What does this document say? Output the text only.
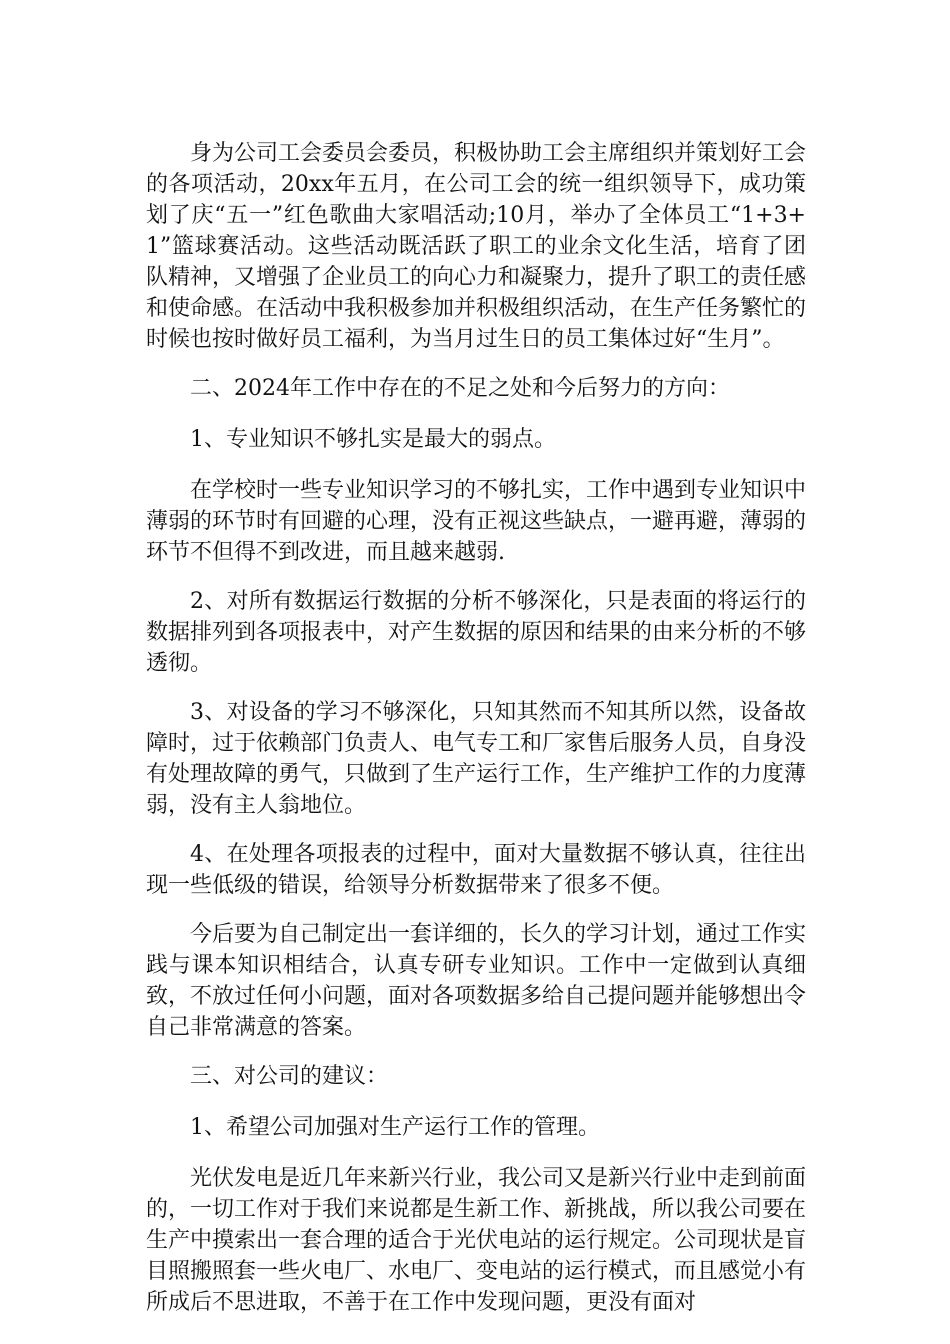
身为公司工会委员会委员，积极协助工会主席组织并策划好工会的各项活动，20xx年五月，在公司工会的统一组织领导下，成功策划了庆“五一”红色歌曲大家唱活动;10月，举办了全体员工“1+3+1”篮球赛活动。这些活动既活跃了职工的业余文化生活，培育了团队精神，又增强了企业员工的向心力和凝聚力，提升了职工的责任感和使命感。在活动中我积极参加并积极组织活动，在生产任务繁忙的时候也按时做好员工福利，为当月过生日的员工集体过好“生月”。

二、2024年工作中存在的不足之处和今后努力的方向：

1、专业知识不够扎实是最大的弱点。

在学校时一些专业知识学习的不够扎实，工作中遇到专业知识中薄弱的环节时有回避的心理，没有正视这些缺点，一避再避，薄弱的环节不但得不到改进，而且越来越弱.

2、对所有数据运行数据的分析不够深化，只是表面的将运行的数据排列到各项报表中，对产生数据的原因和结果的由来分析的不够透彻。

3、对设备的学习不够深化，只知其然而不知其所以然，设备故障时，过于依赖部门负责人、电气专工和厂家售后服务人员，自身没有处理故障的勇气，只做到了生产运行工作，生产维护工作的力度薄弱，没有主人翁地位。

4、在处理各项报表的过程中，面对大量数据不够认真，往往出现一些低级的错误，给领导分析数据带来了很多不便。

今后要为自己制定出一套详细的，长久的学习计划，通过工作实践与课本知识相结合，认真专研专业知识。工作中一定做到认真细致，不放过任何小问题，面对各项数据多给自己提问题并能够想出令自己非常满意的答案。

三、对公司的建议：

1、希望公司加强对生产运行工作的管理。

光伏发电是近几年来新兴行业，我公司又是新兴行业中走到前面的，一切工作对于我们来说都是生新工作、新挑战，所以我公司要在生产中摸索出一套合理的适合于光伏电站的运行规定。公司现状是盲目照搬照套一些火电厂、水电厂、变电站的运行模式，而且感觉小有所成后不思进取，不善于在工作中发现问题，更没有面对
